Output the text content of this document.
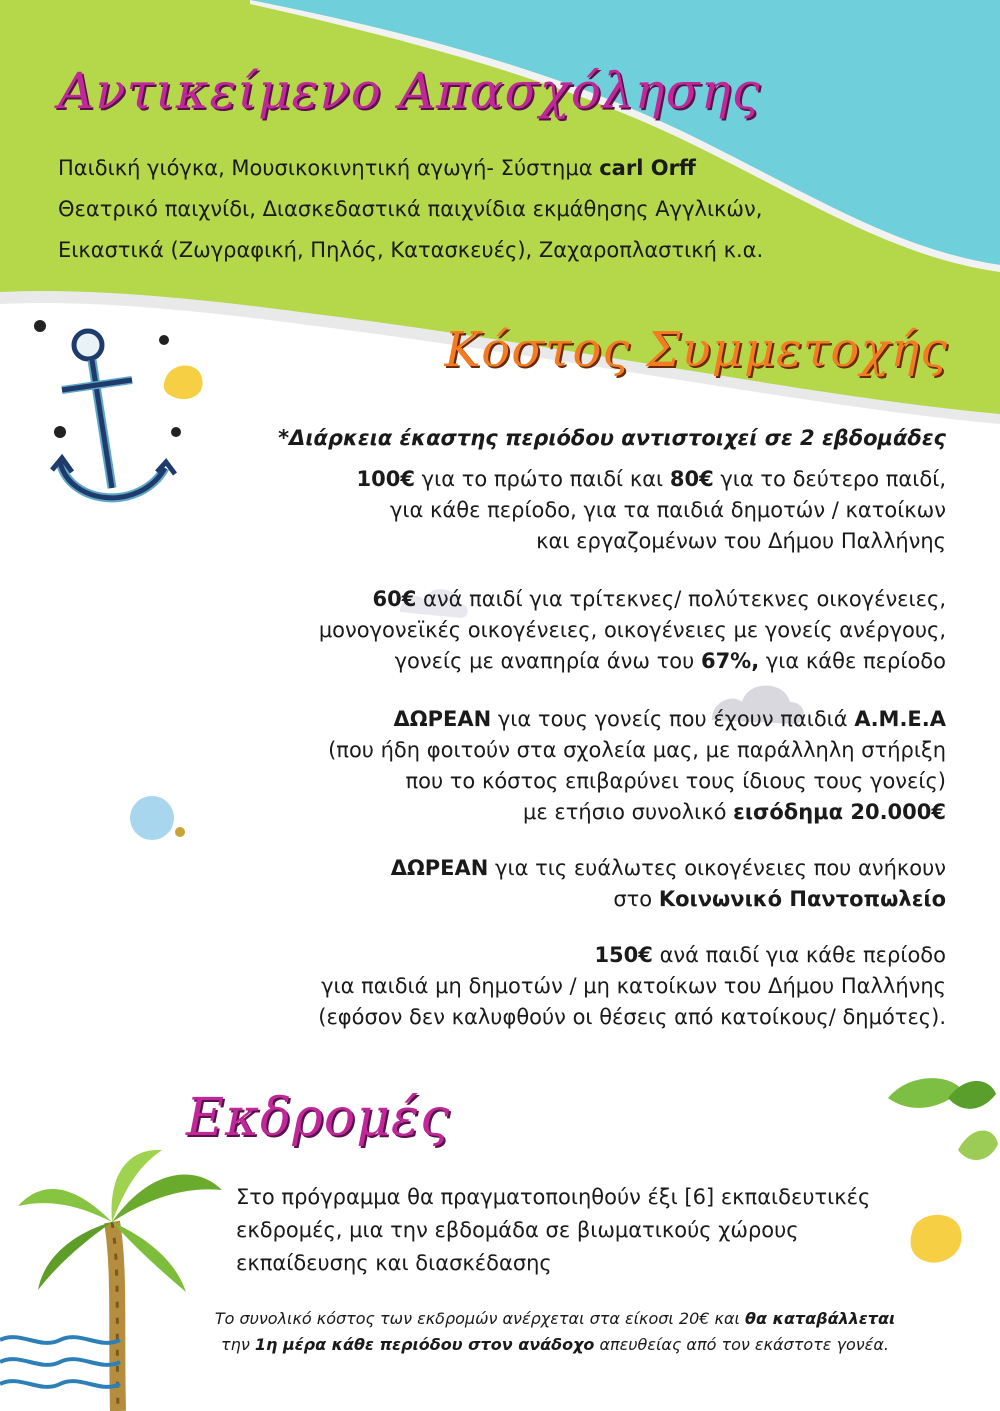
Αντικείμενο Απασχόλησης

Παιδική γιόγκα, Μουσικοκινητική αγωγή- Σύστημα carl Orff

Θεατρικό παιχνίδι, Διασκεδαστικά παιχνίδια εκμάθησης Αγγλικών,

Εικαστικά (Ζωγραφική, Πηλός, Κατασκευές), Ζαχαροπλαστική κ.α.

Κόστος Συμμετοχής
*Διάρκεια έκαστης περιόδου αντιστοιχεί σε 2 εβδομάδες

100€ για το πρώτο παιδί και 80€ για το δεύτερο παιδί,

για κάθε περίοδο, για τα παιδιά δημοτών / κατοίκων

και εργαζομένων του Δήμου Παλλήνης

60€ ανά παιδί για τρίτεκνες/ πολύτεκνες οικογένειες,

μονογονεϊκές οικογένειες, οικογένειες με γονείς ανέργους,

γονείς με αναπηρία άνω του 67%, για κάθε περίοδο

ΔΩΡΕΑΝ για τους γονείς που έχουν παιδιά Α.Μ.Ε.Α

(που ήδη φοιτούν στα σχολεία μας, με παράλληλη στήριξη

που το κόστος επιβαρύνει τους ίδιους τους γονείς)

με ετήσιο συνολικό εισόδημα 20.000€

ΔΩΡΕΑΝ για τις ευάλωτες οικογένειες που ανήκουν

στο Κοινωνικό Παντοπωλείο

150€ ανά παιδί για κάθε περίοδο

για παιδιά μη δημοτών / μη κατοίκων του Δήμου Παλλήνης

(εφόσον δεν καλυφθούν οι θέσεις από κατοίκους/ δημότες).

Εκδρομές

Στο πρόγραμμα θα πραγματοποιηθούν έξι [6] εκπαιδευτικές

εκδρομές, μια την εβδομάδα σε βιωματικούς χώρους

εκπαίδευσης και διασκέδασης

Το συνολικό κόστος των εκδρομών ανέρχεται στα είκοσι 20€ και θα καταβάλλεται

την 1η μέρα κάθε περιόδου στον ανάδοχο απευθείας από τον εκάστοτε γονέα.
